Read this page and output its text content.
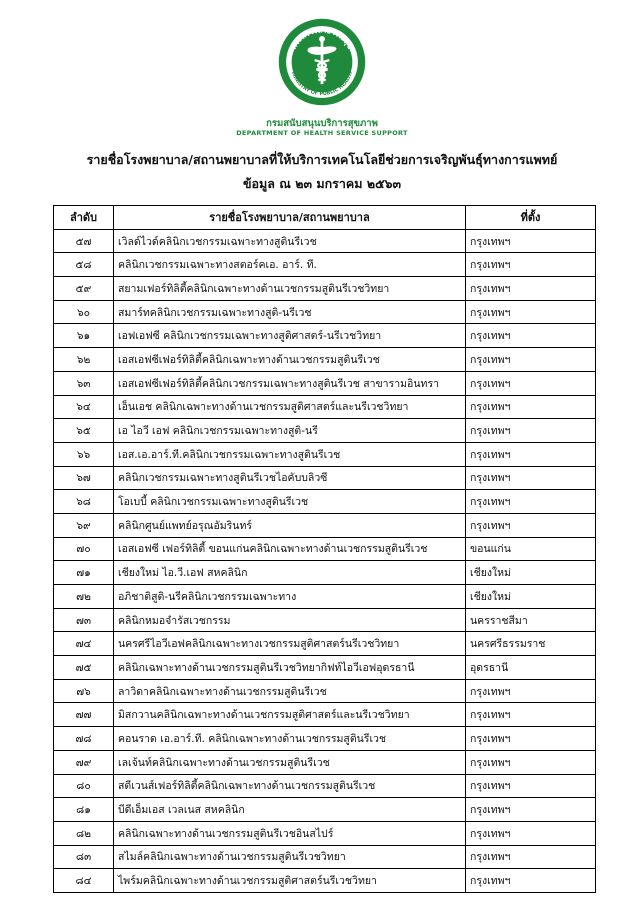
กระทรวงสาธารณสุข
MINISTRY OF PUBLIC HEALTH
กรมสนับสนุนบริการสุขภาพ
DEPARTMENT OF HEALTH SERVICE SUPPORT
รายชื่อโรงพยาบาล/สถานพยาบาลที่ให้บริการเทคโนโลยีช่วยการเจริญพันธุ์ทางการแพทย์
ข้อมูล ณ ๒๓ มกราคม ๒๕๖๓
ลำดับ	รายชื่อโรงพยาบาล/สถานพยาบาล	ที่ตั้ง
๕๗	เวิลด์ไวด์คลินิกเวชกรรมเฉพาะทางสูตินรีเวช	กรุงเทพฯ
๕๘	คลินิกเวชกรรมเฉพาะทางสตอร์คเอ. อาร์. ที.	กรุงเทพฯ
๕๙	สยามเฟอร์ทิลิตี้คลินิกเฉพาะทางด้านเวชกรรมสูตินรีเวชวิทยา	กรุงเทพฯ
๖๐	สมาร์ทคลินิกเวชกรรมเฉพาะทางสูติ-นรีเวช	กรุงเทพฯ
๖๑	เอฟเอฟซี คลินิกเวชกรรมเฉพาะทางสูติศาสตร์-นรีเวชวิทยา	กรุงเทพฯ
๖๒	เอสเอฟซีเฟอร์ทิลิตี้คลินิกเฉพาะทางด้านเวชกรรมสูตินรีเวช	กรุงเทพฯ
๖๓	เอสเอฟซีเฟอร์ทิลิตี้คลินิกเวชกรรมเฉพาะทางสูตินรีเวช สาขารามอินทรา	กรุงเทพฯ
๖๔	เอ็นเอช คลินิกเฉพาะทางด้านเวชกรรมสูติศาสตร์และนรีเวชวิทยา	กรุงเทพฯ
๖๕	เอ ไอวี เอฟ คลินิกเวชกรรมเฉพาะทางสูติ-นรี	กรุงเทพฯ
๖๖	เอส.เอ.อาร์.ที.คลินิกเวชกรรมเฉพาะทางสูตินรีเวช	กรุงเทพฯ
๖๗	คลินิกเวชกรรมเฉพาะทางสูตินรีเวชไอคับบลิวซี	กรุงเทพฯ
๖๘	โอเบบี้ คลินิกเวชกรรมเฉพาะทางสูตินรีเวช	กรุงเทพฯ
๖๙	คลินิกศูนย์แพทย์อรุณอัมรินทร์	กรุงเทพฯ
๗๐	เอสเอฟซี เฟอร์ทิลิตี้ ขอนแก่นคลินิกเฉพาะทางด้านเวชกรรมสูตินรีเวช	ขอนแก่น
๗๑	เชียงใหม่ ไอ.วี.เอฟ สหคลินิก	เชียงใหม่
๗๒	อภิชาติสูติ-นรีคลินิกเวชกรรมเฉพาะทาง	เชียงใหม่
๗๓	คลินิกหมอจำรัสเวชกรรม	นครราชสีมา
๗๔	นครศรีไอวีเอฟคลินิกเฉพาะทางเวชกรรมสูติศาสตร์นรีเวชวิทยา	นครศรีธรรมราช
๗๕	คลินิกเฉพาะทางด้านเวชกรรมสูตินรีเวชวิทยากิฟท์ไอวีเอฟอุดรธานี	อุดรธานี
๗๖	ลาวิดาคลินิกเฉพาะทางด้านเวชกรรมสูตินรีเวช	กรุงเทพฯ
๗๗	มิสกวานคลินิกเฉพาะทางด้านเวชกรรมสูติศาสตร์และนรีเวชวิทยา	กรุงเทพฯ
๗๘	คอนราด เอ.อาร์.ที. คลินิกเฉพาะทางด้านเวชกรรมสูตินรีเวช	กรุงเทพฯ
๗๙	เลเจ้นท์คลินิกเฉพาะทางด้านเวชกรรมสูตินรีเวช	กรุงเทพฯ
๘๐	สตีเวนส์เฟอร์ทิลิตี้คลินิกเฉพาะทางด้านเวชกรรมสูตินรีเวช	กรุงเทพฯ
๘๑	บีดีเอ็มเอส เวลเนส สหคลินิก	กรุงเทพฯ
๘๒	คลินิกเฉพาะทางด้านเวชกรรมสูตินรีเวชอินสไปร์	กรุงเทพฯ
๘๓	สไมล์คลินิกเฉพาะทางด้านเวชกรรมสูตินรีเวชวิทยา	กรุงเทพฯ
๘๔	ไพร์มคลินิกเฉพาะทางด้านเวชกรรมสูติศาสตร์นรีเวชวิทยา	กรุงเทพฯ
